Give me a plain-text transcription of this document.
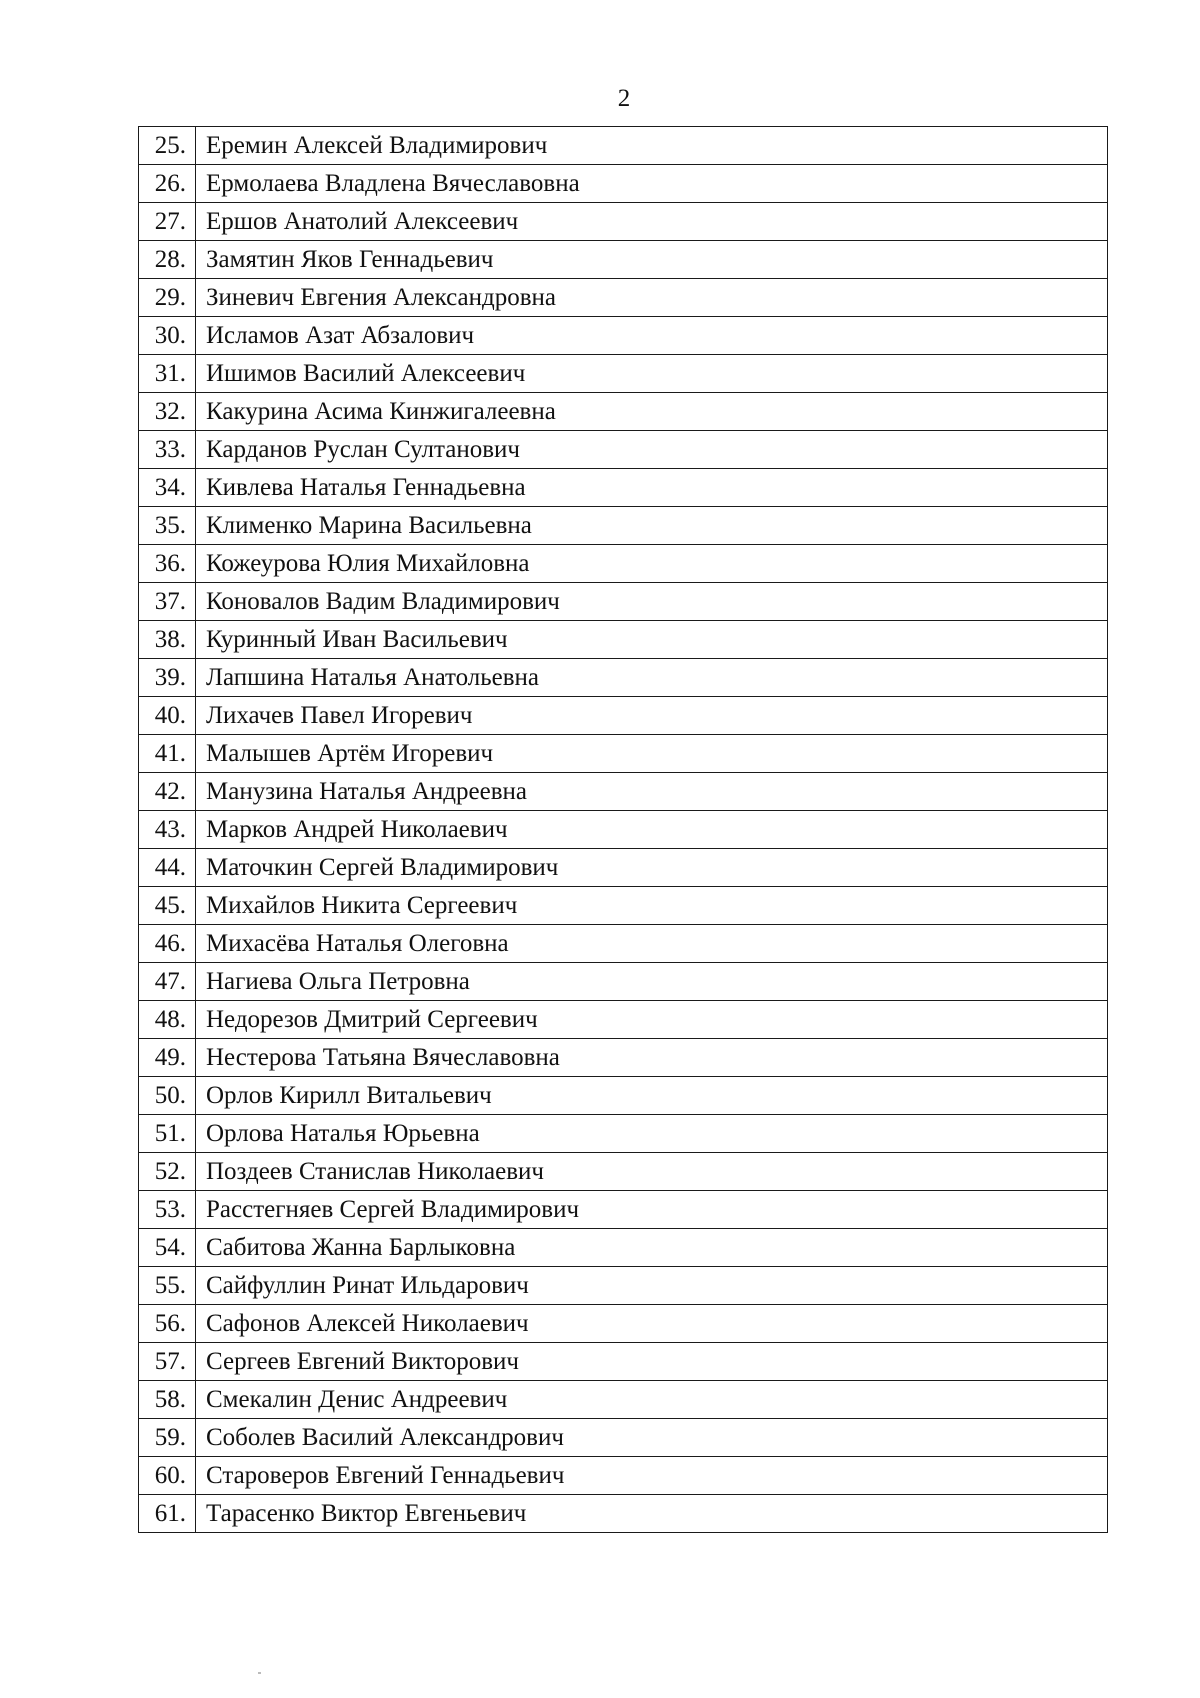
2
25.	Еремин Алексей Владимирович
26.	Ермолаева Владлена Вячеславовна
27.	Ершов Анатолий Алексеевич
28.	Замятин Яков Геннадьевич
29.	Зиневич Евгения Александровна
30.	Исламов Азат Абзалович
31.	Ишимов Василий Алексеевич
32.	Какурина Асима Кинжигалеевна
33.	Карданов Руслан Султанович
34.	Кивлева Наталья Геннадьевна
35.	Клименко Марина Васильевна
36.	Кожеурова Юлия Михайловна
37.	Коновалов Вадим Владимирович
38.	Куринный Иван Васильевич
39.	Лапшина Наталья Анатольевна
40.	Лихачев Павел Игоревич
41.	Малышев Артём Игоревич
42.	Манузина Наталья Андреевна
43.	Марков Андрей Николаевич
44.	Маточкин Сергей Владимирович
45.	Михайлов Никита Сергеевич
46.	Михасёва Наталья Олеговна
47.	Нагиева Ольга Петровна
48.	Недорезов Дмитрий Сергеевич
49.	Нестерова Татьяна Вячеславовна
50.	Орлов Кирилл Витальевич
51.	Орлова Наталья Юрьевна
52.	Поздеев Станислав Николаевич
53.	Расстегняев Сергей Владимирович
54.	Сабитова Жанна Барлыковна
55.	Сайфуллин Ринат Ильдарович
56.	Сафонов Алексей Николаевич
57.	Сергеев Евгений Викторович
58.	Смекалин Денис Андреевич
59.	Соболев Василий Александрович
60.	Староверов Евгений Геннадьевич
61.	Тарасенко Виктор Евгеньевич
